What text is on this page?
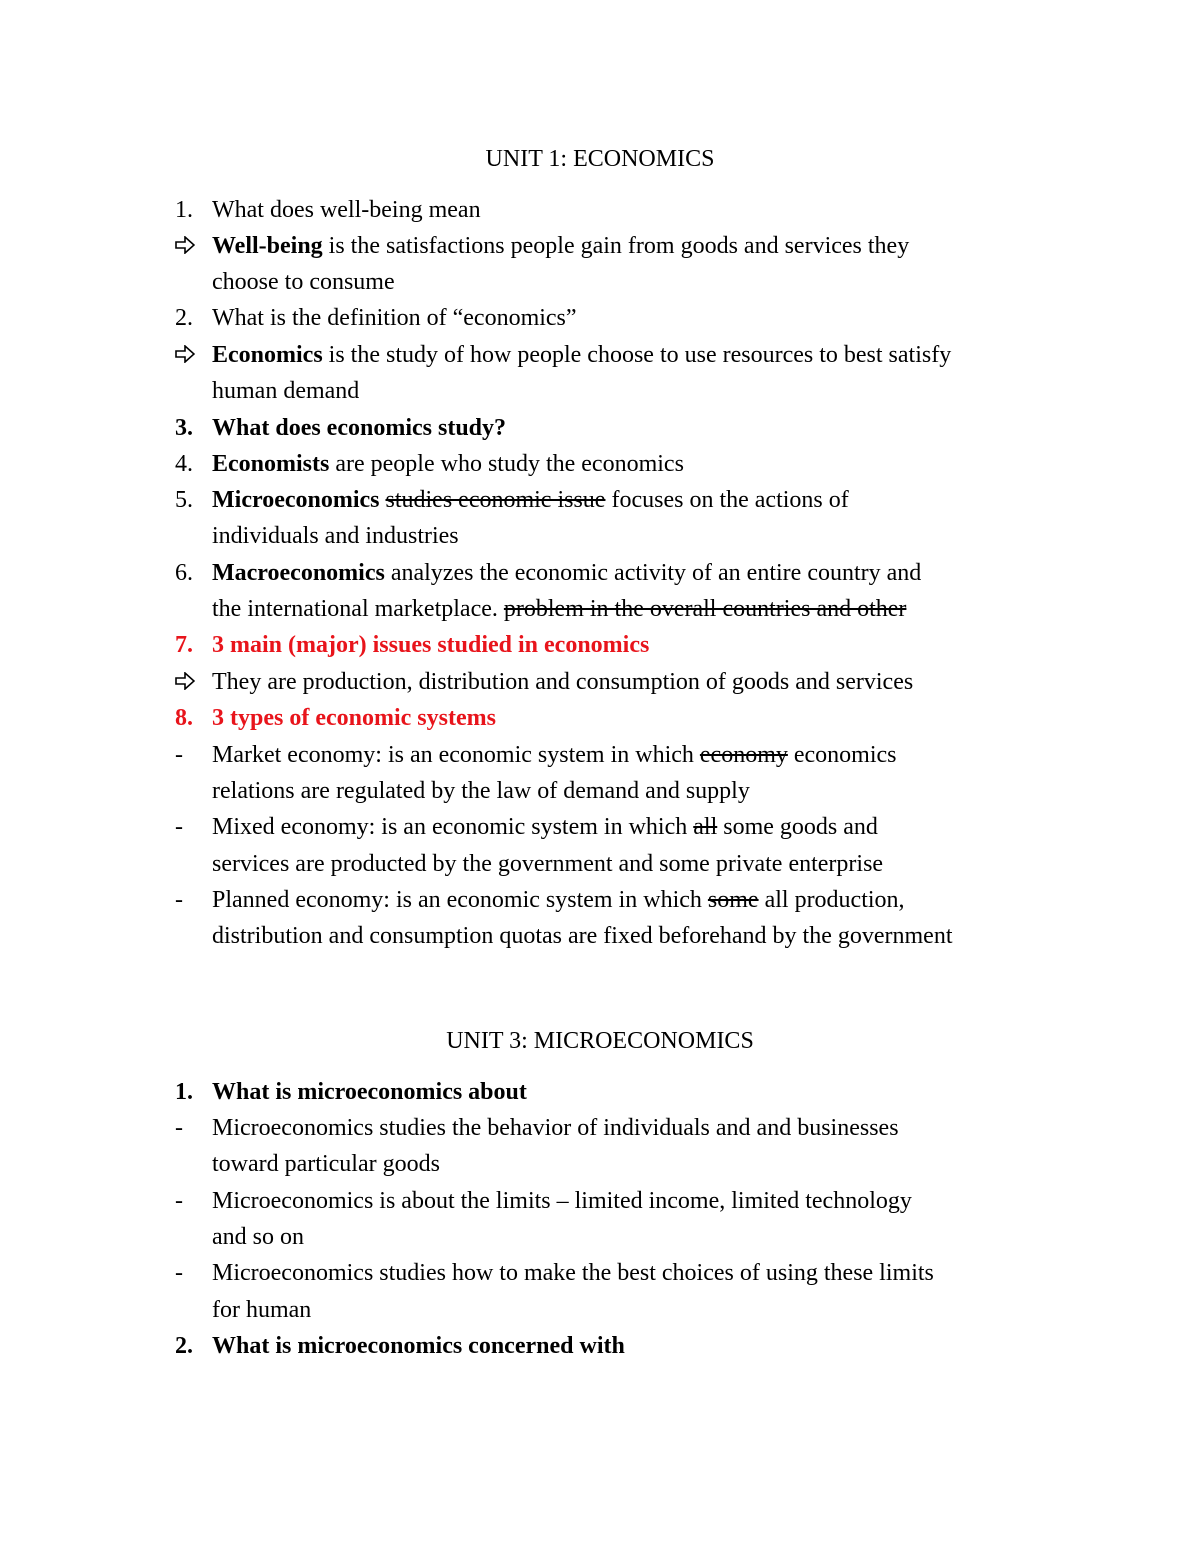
UNIT 1: ECONOMICS
1. What does well-being mean
Well-being is the satisfactions people gain from goods and services they
choose to consume
2. What is the definition of “economics”
Economics is the study of how people choose to use resources to best satisfy
human demand
3. What does economics study?
4. Economists are people who study the economics
5. Microeconomics studies economic issue focuses on the actions of
individuals and industries
6. Macroeconomics analyzes the economic activity of an entire country and
the international marketplace. problem in the overall countries and other
7. 3 main (major) issues studied in economics
They are production, distribution and consumption of goods and services
8. 3 types of economic systems
- Market economy: is an economic system in which economy economics
relations are regulated by the law of demand and supply
- Mixed economy: is an economic system in which all some goods and
services are producted by the government and some private enterprise
- Planned economy: is an economic system in which some all production,
distribution and consumption quotas are fixed beforehand by the government
UNIT 3: MICROECONOMICS
1. What is microeconomics about
- Microeconomics studies the behavior of individuals and and businesses
toward particular goods
- Microeconomics is about the limits – limited income, limited technology
and so on
- Microeconomics studies how to make the best choices of using these limits
for human
2. What is microeconomics concerned with
